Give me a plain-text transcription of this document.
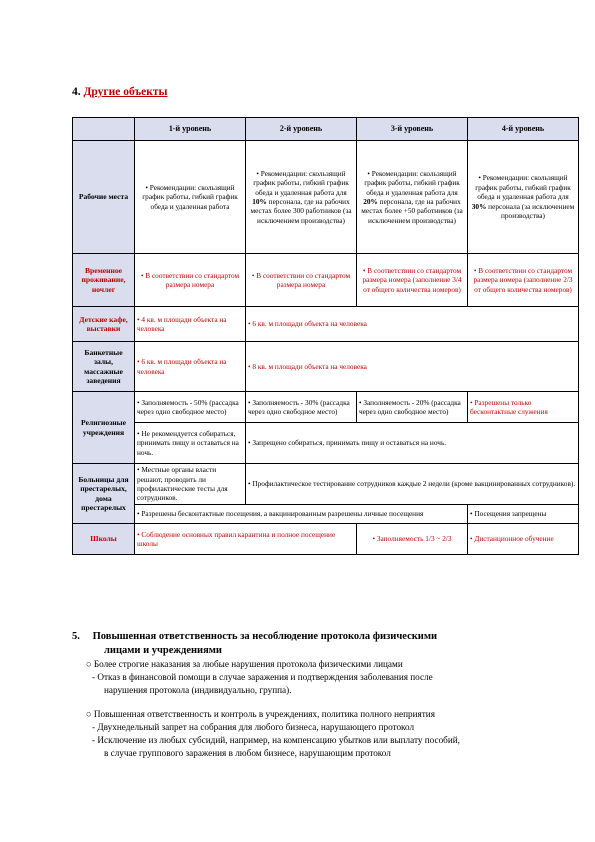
4. Другие объекты
	1-й уровень	2-й уровень	3-й уровень	4-й уровень
Рабочие места	• Рекомендации: скользящий график работы, гибкий график обеда и удаленная работа	• Рекомендации: скользящий график работы, гибкий график обеда и удаленная работа для 10% персонала, где на рабочих местах более 300 работников (за исключением производства)	• Рекомендации: скользящий график работы, гибкий график обеда и удаленная работа для 20% персонала, где на рабочих местах более +50 работников (за исключением производства)	• Рекомендации: скользящий график работы, гибкий график обеда и удаленная работа для 30% персонала (за исключением производства)
Временное проживание, ночлег	• В соответствии со стандартом размера номера	• В соответствии со стандартом размера номера	• В соответствии со стандартом размера номера (заполнение 3/4 от общего количества номеров)	• В соответствии со стандартом размера номера (заполнение 2/3 от общего количества номеров)
Детские кафе, выставки	• 4 кв. м площади объекта на человека	• 6 кв. м площади объекта на человека		
Банкетные залы, массажные заведения	• 6 кв. м площади объекта на человека	• 8 кв. м площади объекта на человека		
Религиозные учреждения	• Заполняемость - 50% (рассадка через одно свободное место)	• Заполняемость - 30% (рассадка через одно свободное место)	• Заполняемость - 20% (рассадка через одно свободное место)	• Разрешены только бесконтактные служения
	• Не рекомендуется собираться, принимать пищу и оставаться на ночь.	• Запрещено собираться, принимать пищу и оставаться на ночь.		
Больницы для престарелых, дома престарелых	• Местные органы власти решают, проводить ли профилактические тесты для сотрудников.	• Профилактическое тестирование сотрудников каждые 2 недели (кроме вакцинированных сотрудников).		
	• Разрешены бесконтактные посещения, а вакцинированным разрешены личные посещения			• Посещения запрещены
Школы	• Соблюдение основных правил карантина и полное посещение школы		• Заполняемость 1/3 ~ 2/3	• Дистанционное обучение
5. Повышенная ответственность за несоблюдение протокола физическими
лицами и учреждениями
○ Более строгие наказания за любые нарушения протокола физическими лицами
- Отказ в финансовой помощи в случае заражения и подтверждения заболевания после
нарушения протокола (индивидуально, группа).
○ Повышенная ответственность и контроль в учреждениях, политика полного неприятия
- Двухнедельный запрет на собрания для любого бизнеса, нарушающего протокол
- Исключение из любых субсидий, например, на компенсацию убытков или выплату пособий,
в случае группового заражения в любом бизнесе, нарушающим протокол
